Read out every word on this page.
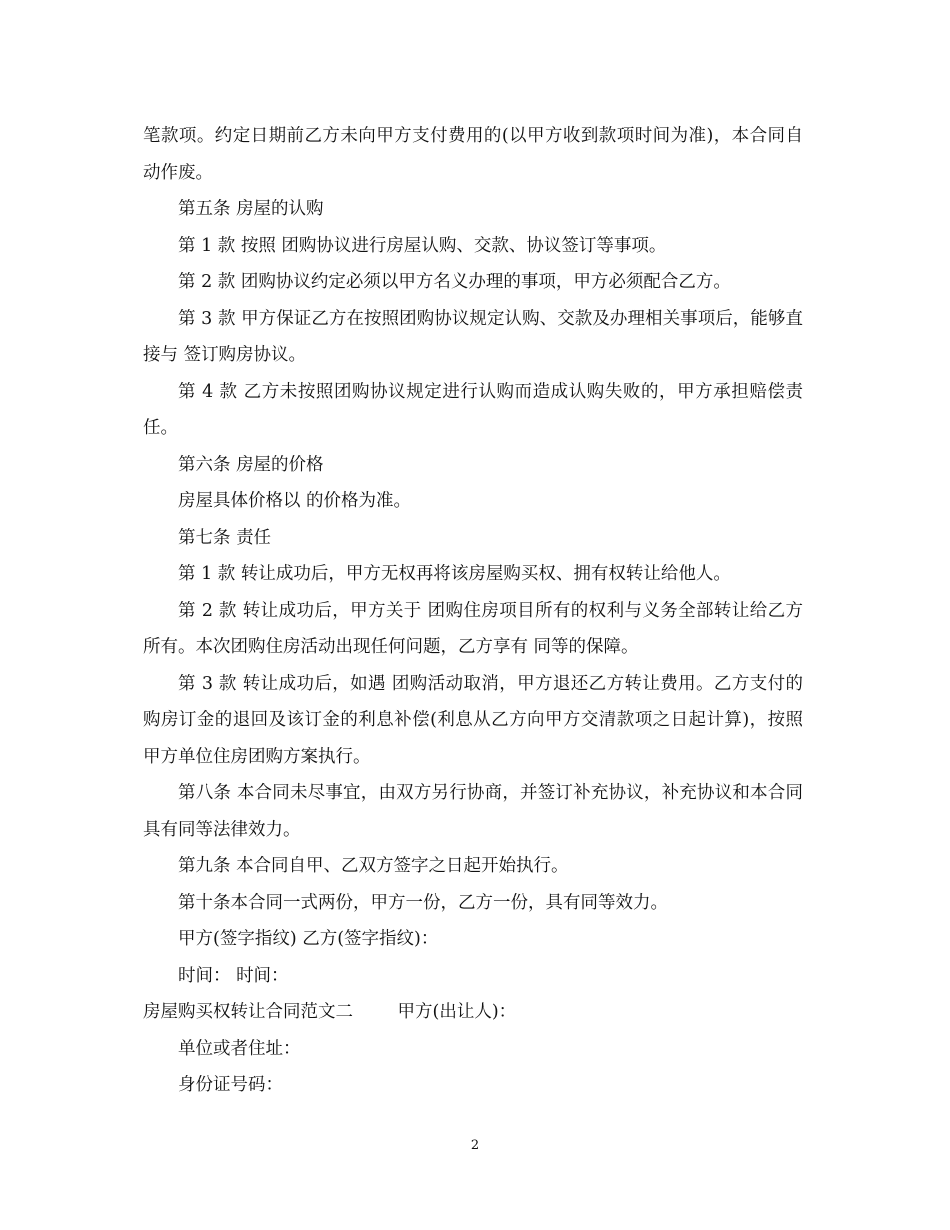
笔款项。约定日期前乙方未向甲方支付费用的(以甲方收到款项时间为准)，本合同自动作废。

第五条 房屋的认购

第 1 款 按照 团购协议进行房屋认购、交款、协议签订等事项。

第 2 款 团购协议约定必须以甲方名义办理的事项，甲方必须配合乙方。

第 3 款 甲方保证乙方在按照团购协议规定认购、交款及办理相关事项后，能够直接与 签订购房协议。

第 4 款 乙方未按照团购协议规定进行认购而造成认购失败的，甲方承担赔偿责任。

第六条 房屋的价格

房屋具体价格以 的价格为准。

第七条 责任

第 1 款 转让成功后，甲方无权再将该房屋购买权、拥有权转让给他人。

第 2 款 转让成功后，甲方关于 团购住房项目所有的权利与义务全部转让给乙方所有。本次团购住房活动出现任何问题，乙方享有 同等的保障。

第 3 款 转让成功后，如遇 团购活动取消，甲方退还乙方转让费用。乙方支付的购房订金的退回及该订金的利息补偿(利息从乙方向甲方交清款项之日起计算)，按照甲方单位住房团购方案执行。

第八条 本合同未尽事宜，由双方另行协商，并签订补充协议，补充协议和本合同具有同等法律效力。

第九条 本合同自甲、乙双方签字之日起开始执行。

第十条本合同一式两份，甲方一份，乙方一份，具有同等效力。

甲方(签字指纹) 乙方(签字指纹)：

时间： 时间：

房屋购买权转让合同范文二	甲方(出让人)：

单位或者住址：

身份证号码：

2
